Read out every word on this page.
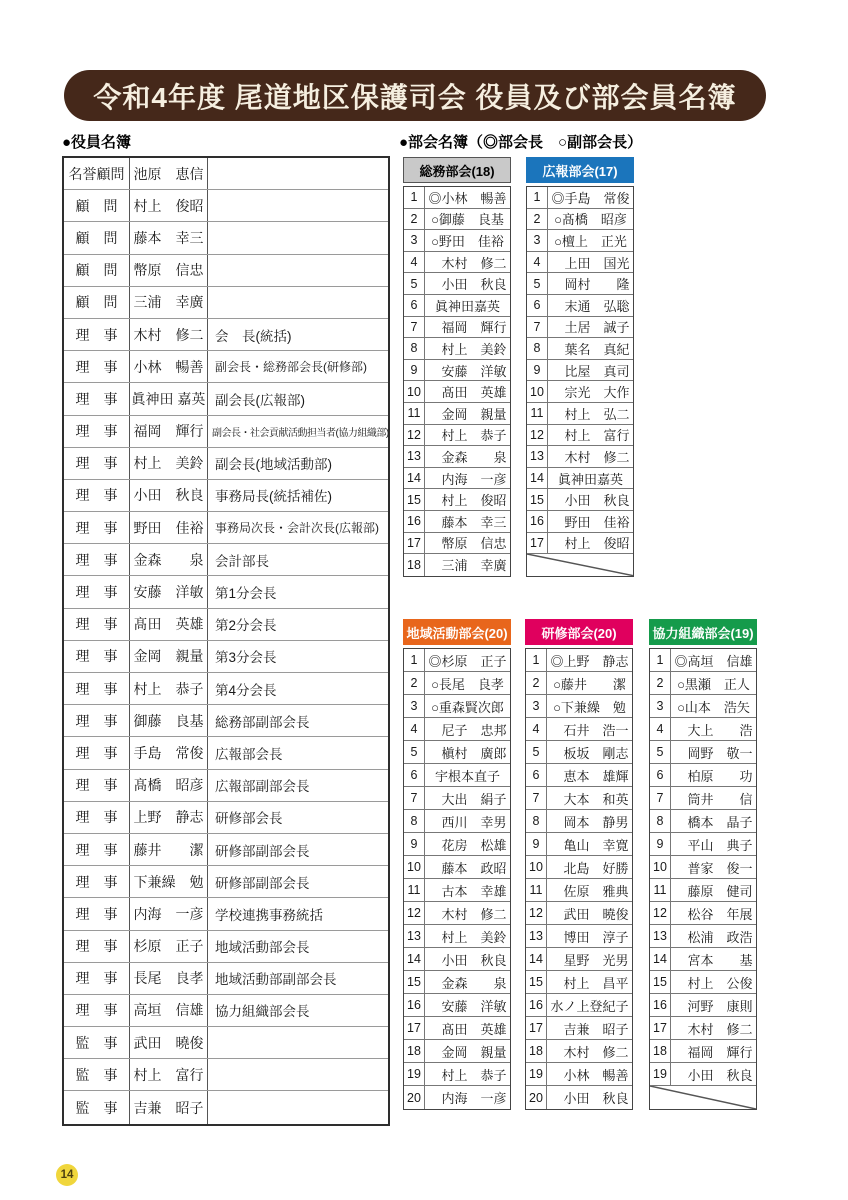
令和4年度 尾道地区保護司会 役員及び部会員名簿
●役員名簿	●部会名簿（◎部会長　○副部会長）
名誉顧問 池原　恵信
顧　問	村上　俊昭
顧　問	藤本　幸三
顧　問	幣原　信忠
顧　問	三浦　幸廣
理　事	木村　修二 会　長(統括)
理　事	小林　暢善 副会長・総務部会長(研修部)
理　事	眞神田 嘉英 副会長(広報部)
理　事	福岡　輝行 副会長・社会貢献活動担当者(協力組織部)
理　事	村上　美鈴 副会長(地域活動部)
理　事	小田　秋良 事務局長(統括補佐)
理　事	野田　佳裕 事務局次長・会計次長(広報部)
理　事	金森　　泉 会計部長
理　事	安藤　洋敏 第1分会長
理　事	髙田　英雄 第2分会長
理　事	金岡　親量 第3分会長
理　事	村上　恭子 第4分会長
理　事	御藤　良基 総務部副部会長
理　事	手島　常俊 広報部会長
理　事	髙橋　昭彦 広報部副部会長
理　事	上野　静志 研修部会長
理　事	藤井　　潔 研修部副部会長
理　事	下兼繰　勉 研修部副部会長
理　事	内海　一彦 学校連携事務統括
理　事	杉原　正子 地域活動部会長
理　事	長尾　良孝 地域活動部副部会長
理　事	高垣　信雄 協力組織部会長
監　事	武田　曉俊
監　事	村上　富行
監　事	吉兼　昭子
総務部会(18)
1 ◎小林　暢善
2	○御藤　良基
3	○野田　佳裕
4 　木村　修二
5 　小田　秋良
6	眞神田嘉英
7 　福岡　輝行
8 　村上　美鈴
9 　安藤　洋敏
10 　髙田　英雄
11 　金岡　親量
12 　村上　恭子
13 　金森　　泉
14 　内海　一彦
15 　村上　俊昭
16 　藤本　幸三
17 　幣原　信忠
18 　三浦　幸廣
広報部会(17)
1 ◎手島　常俊
2	○髙橋　昭彦
3	○檀上　正光
4 　上田　国光
5 　岡村　　隆
6 　末通　弘聡
7 　土居　誠子
8 　葉名　真紀
9 　比屋　真司
10 　宗光　大作
11 　村上　弘二
12 　村上　富行
13 　木村　修二
14	眞神田嘉英
15 　小田　秋良
16 　野田　佳裕
17 　村上　俊昭
地域活動部会(20)
1 ◎杉原　正子
2	○長尾　良孝
3	○重森賢次郎
4 　尼子　忠邦
5 　槇村　廣郎
6	宇根本直子
7 　大出　絹子
8 　西川　幸男
9 　花房　松雄
10 　藤本　政昭
11 　古本　幸雄
12 　木村　修二
13 　村上　美鈴
14 　小田　秋良
15 　金森　　泉
16 　安藤　洋敏
17 　髙田　英雄
18 　金岡　親量
19 　村上　恭子
20 　内海　一彦
研修部会(20)
1 ◎上野　静志
2	○藤井　　潔
3	○下兼繰　勉
4 　石井　浩一
5 　板坂　剛志
6 　恵本　雄輝
7 　大本　和英
8 　岡本　静男
9 　亀山　幸寛
10 　北島　好勝
11 　佐原　雅典
12 　武田　曉俊
13 　博田　淳子
14 　星野　光男
15 　村上　昌平
16 水ノ上登紀子
17 　吉兼　昭子
18 　木村　修二
19 　小林　暢善
20 　小田　秋良
協力組織部会(19)
1 ◎高垣　信雄
2	○黒瀬　正人
3	○山本　浩矢
4 　大上　　浩
5 　岡野　敬一
6 　柏原　　功
7 　筒井　　信
8 　橋本　晶子
9 　平山　典子
10 　普家　俊一
11 　藤原　健司
12 　松谷　年展
13 　松浦　政浩
14 　宮本　　基
15 　村上　公俊
16 　河野　康則
17 　木村　修二
18 　福岡　輝行
19 　小田　秋良
14
